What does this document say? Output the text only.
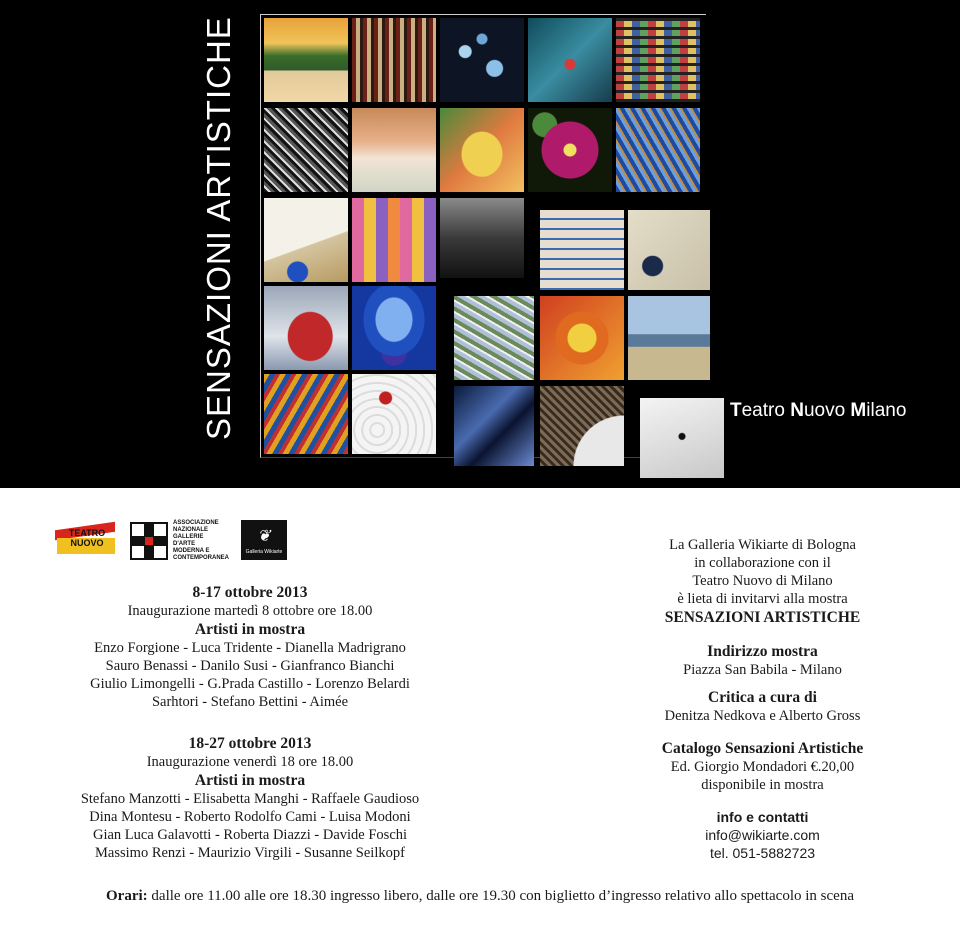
SENSAZIONI ARTISTICHE	Teatro Nuovo Milano
TEATRO NUOVO
ASSOCIAZIONE
NAZIONALE
GALLERIE
D'ARTE
MODERNA E
CONTEMPORANEA
❦
Galleria Wikiarte
8-17 ottobre 2013
Inaugurazione martedì 8 ottobre ore 18.00
Artisti in mostra
Enzo Forgione - Luca Tridente - Dianella Madrigrano
Sauro Benassi - Danilo Susi - Gianfranco Bianchi
Giulio Limongelli - G.Prada Castillo - Lorenzo Belardi
Sarhtori - Stefano Bettini - Aimée
18-27 ottobre 2013
Inaugurazione venerdì 18 ore 18.00
Artisti in mostra
Stefano Manzotti - Elisabetta Manghi - Raffaele Gaudioso
Dina Montesu - Roberto Rodolfo Cami - Luisa Modoni
Gian Luca Galavotti - Roberta Diazzi - Davide Foschi
Massimo Renzi - Maurizio Virgili - Susanne Seilkopf
La Galleria Wikiarte di Bologna
in collaborazione con il
Teatro Nuovo di Milano
è lieta di invitarvi alla mostra
SENSAZIONI ARTISTICHE
Indirizzo mostra
Piazza San Babila - Milano
Critica a cura di
Denitza Nedkova e Alberto Gross
Catalogo Sensazioni Artistiche
Ed. Giorgio Mondadori €.20,00
disponibile in mostra
info e contatti
info@wikiarte.com
tel. 051-5882723
Orari: dalle ore 11.00 alle ore 18.30 ingresso libero, dalle ore 19.30 con biglietto d’ingresso relativo allo spettacolo in scena
